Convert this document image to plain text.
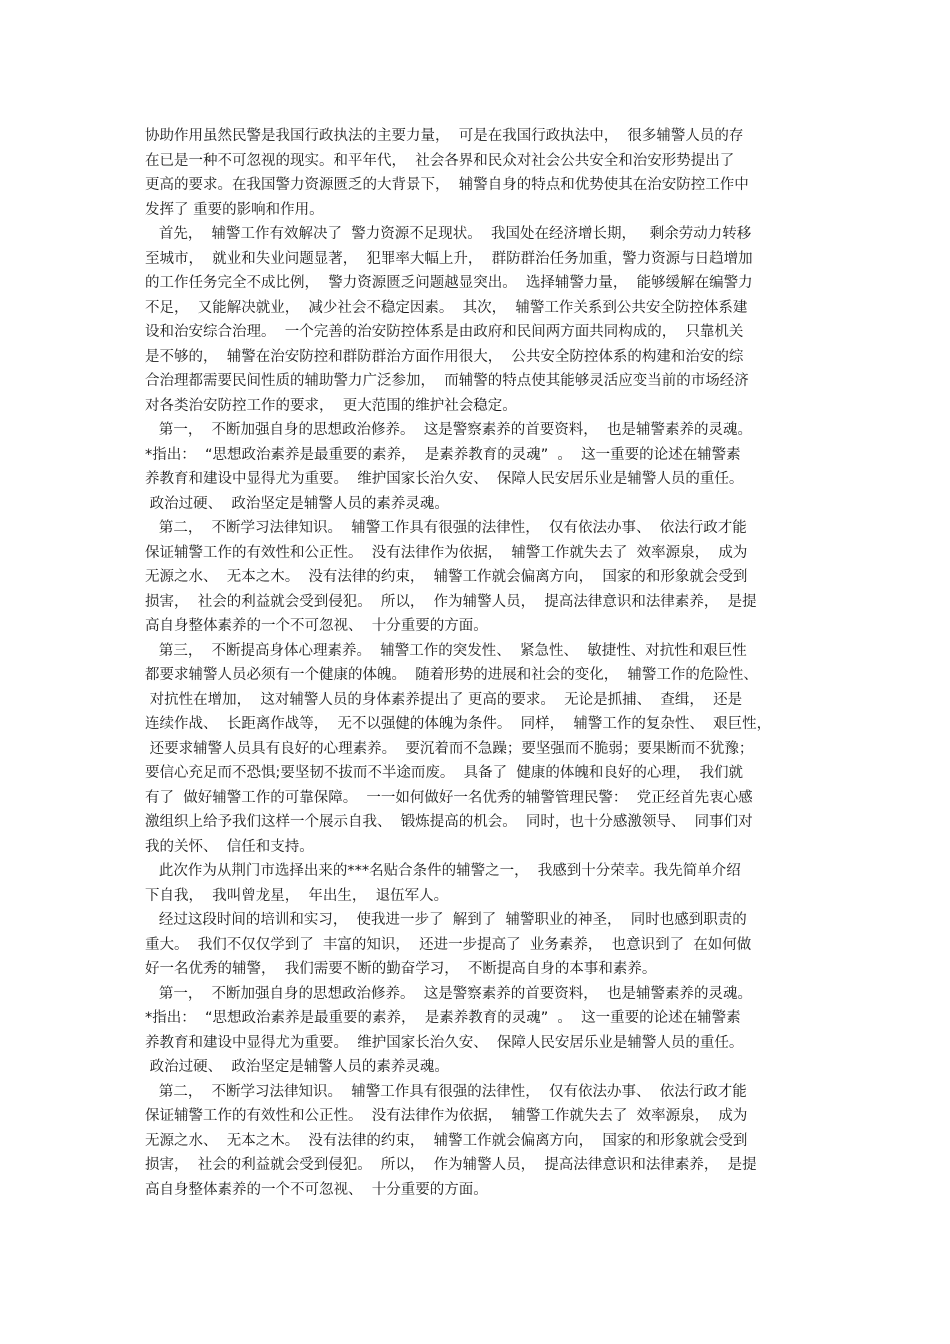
协助作用虽然民警是我国行政执法的主要力量，  可是在我国行政执法中，  很多辅警人员的存
在已是一种不可忽视的现实。和平年代，  社会各界和民众对社会公共安全和治安形势提出了
更高的要求。在我国警力资源匮乏的大背景下，  辅警自身的特点和优势使其在治安防控工作中
发挥了 重要的影响和作用。
首先，  辅警工作有效解决了  警力资源不足现状。  我国处在经济增长期，   剩余劳动力转移
至城市，  就业和失业问题显著，  犯罪率大幅上升，  群防群治任务加重，警力资源与日趋增加
的工作任务完全不成比例，  警力资源匮乏问题越显突出。  选择辅警力量，  能够缓解在编警力
不足，  又能解决就业，  减少社会不稳定因素。  其次，  辅警工作关系到公共安全防控体系建
设和治安综合治理。  一个完善的治安防控体系是由政府和民间两方面共同构成的，  只靠机关
是不够的，  辅警在治安防控和群防群治方面作用很大，  公共安全防控体系的构建和治安的综
合治理都需要民间性质的辅助警力广泛参加，  而辅警的特点使其能够灵活应变当前的市场经济
对各类治安防控工作的要求，  更大范围的维护社会稳定。
第一，  不断加强自身的思想政治修养。  这是警察素养的首要资料，  也是辅警素养的灵魂。
*指出：  “思想政治素养是最重要的素养，  是素养教育的灵魂”  。  这一重要的论述在辅警素
养教育和建设中显得尤为重要。  维护国家长治久安、  保障人民安居乐业是辅警人员的重任。
政治过硬、  政治坚定是辅警人员的素养灵魂。
第二，  不断学习法律知识。  辅警工作具有很强的法律性，  仅有依法办事、  依法行政才能
保证辅警工作的有效性和公正性。  没有法律作为依据，  辅警工作就失去了  效率源泉，  成为
无源之水、  无本之木。  没有法律的约束，  辅警工作就会偏离方向，  国家的和形象就会受到
损害，  社会的利益就会受到侵犯。  所以，  作为辅警人员，  提高法律意识和法律素养，  是提
高自身整体素养的一个不可忽视、  十分重要的方面。
第三，  不断提高身体心理素养。  辅警工作的突发性、  紧急性、  敏捷性、对抗性和艰巨性
都要求辅警人员必须有一个健康的体魄。  随着形势的进展和社会的变化，  辅警工作的危险性、
对抗性在增加，  这对辅警人员的身体素养提出了 更高的要求。  无论是抓捕、  查缉，  还是
连续作战、  长距离作战等，  无不以强健的体魄为条件。  同样，  辅警工作的复杂性、  艰巨性，
还要求辅警人员具有良好的心理素养。  要沉着而不急躁；要坚强而不脆弱；要果断而不犹豫；
要信心充足而不恐惧;要坚韧不拔而不半途而废。  具备了  健康的体魄和良好的心理，  我们就
有了  做好辅警工作的可靠保障。  一一如何做好一名优秀的辅警管理民警：  党正经首先衷心感
激组织上给予我们这样一个展示自我、  锻炼提高的机会。  同时，也十分感激领导、  同事们对
我的关怀、  信任和支持。
此次作为从荆门市选择出来的***名贴合条件的辅警之一，  我感到十分荣幸。我先简单介绍
下自我，  我叫曾龙星，  年出生，  退伍军人。
经过这段时间的培训和实习，  使我进一步了  解到了  辅警职业的神圣，  同时也感到职责的
重大。  我们不仅仅学到了  丰富的知识，  还进一步提高了  业务素养，  也意识到了  在如何做
好一名优秀的辅警，  我们需要不断的勤奋学习，  不断提高自身的本事和素养。
第一，  不断加强自身的思想政治修养。  这是警察素养的首要资料，  也是辅警素养的灵魂。
*指出：  “思想政治素养是最重要的素养，  是素养教育的灵魂”  。  这一重要的论述在辅警素
养教育和建设中显得尤为重要。  维护国家长治久安、  保障人民安居乐业是辅警人员的重任。
政治过硬、  政治坚定是辅警人员的素养灵魂。
第二，  不断学习法律知识。  辅警工作具有很强的法律性，  仅有依法办事、  依法行政才能
保证辅警工作的有效性和公正性。  没有法律作为依据，  辅警工作就失去了  效率源泉，  成为
无源之水、  无本之木。  没有法律的约束，  辅警工作就会偏离方向，  国家的和形象就会受到
损害，  社会的利益就会受到侵犯。  所以，  作为辅警人员，  提高法律意识和法律素养，  是提
高自身整体素养的一个不可忽视、  十分重要的方面。
